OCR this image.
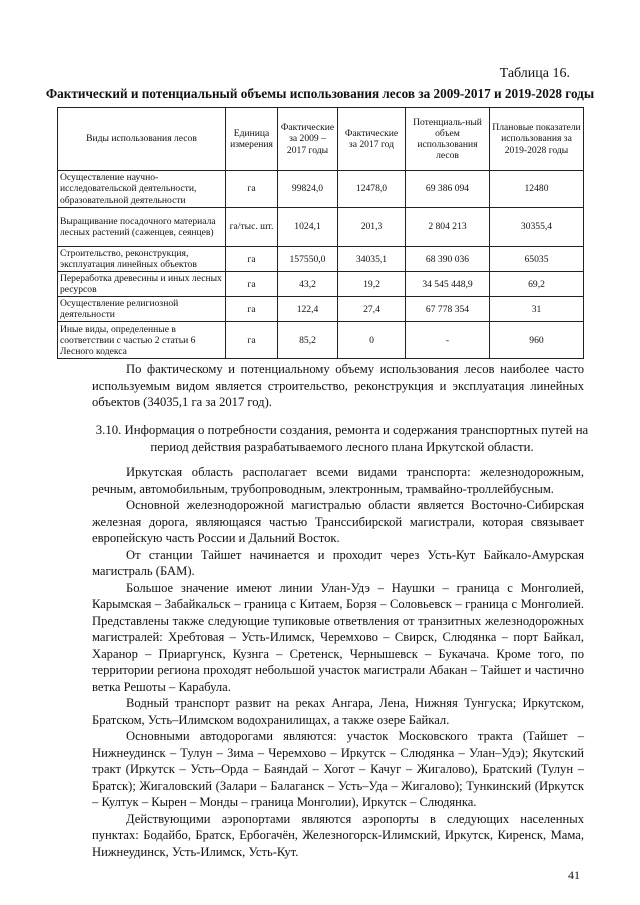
Таблица 16.
Фактический и потенциальный объемы использования лесов за 2009-2017 и 2019-2028 годы
Виды использования лесов	Единица измерения	Фактические за 2009 – 2017 годы	Фактические за 2017 год	Потенциаль-ный объем использования лесов	Плановые показатели использования за 2019-2028 годы
Осуществление научно-исследовательской деятельности, образовательной деятельности	га	99824,0	12478,0	69 386 094	12480
Выращивание посадочного материала лесных растений (саженцев, сеянцев)	га/тыс. шт.	1024,1	201,3	2 804 213	30355,4
Строительство, реконструкция, эксплуатация линейных объектов	га	157550,0	34035,1	68 390 036	65035
Переработка древесины и иных лесных ресурсов	га	43,2	19,2	34 545 448,9	69,2
Осуществление религиозной деятельности	га	122,4	27,4	67 778 354	31
Иные виды, определенные в соответствии с частью 2 статьи 6 Лесного кодекса	га	85,2	0	-	960

По фактическому и потенциальному объему использования лесов наиболее часто используемым видом является строительство, реконструкция и эксплуатация линейных объектов (34035,1 га за 2017 год).

3.10. Информация о потребности создания, ремонта и содержания транспортных путей на период действия разрабатываемого лесного плана Иркутской области.

Иркутская область располагает всеми видами транспорта: железнодорожным, речным, автомобильным, трубопроводным, электронным, трамвайно-троллейбусным.

Основной железнодорожной магистралью области является Восточно-Сибирская железная дорога, являющаяся частью Транссибирской магистрали, которая связывает европейскую часть России и Дальний Восток.

От станции Тайшет начинается и проходит через Усть-Кут Байкало-Амурская магистраль (БАМ).

Большое значение имеют линии Улан-Удэ – Наушки – граница с Монголией, Карымская – Забайкальск – граница с Китаем, Борзя – Соловьевск – граница с Монголией. Представлены также следующие тупиковые ответвления от транзитных железнодорожных магистралей: Хребтовая – Усть-Илимск, Черемхово – Свирск, Слюдянка – порт Байкал, Харанор – Приаргунск, Кузнга – Сретенск, Чернышевск – Букачача. Кроме того, по территории региона проходят небольшой участок магистрали Абакан – Тайшет и частично ветка Решоты – Карабула.

Водный транспорт развит на реках Ангара, Лена, Нижняя Тунгуска; Иркутском, Братском, Усть–Илимском водохранилищах, а также озере Байкал.

Основными автодорогами являются: участок Московского тракта (Тайшет – Нижнеудинск – Тулун – Зима – Черемхово – Иркутск – Слюдянка – Улан–Удэ); Якутский тракт (Иркутск – Усть–Орда – Баяндай – Хогот – Качуг – Жигалово), Братский (Тулун – Братск); Жигаловский (Залари – Балаганск – Усть–Уда – Жигалово); Тункинский (Иркутск – Култук – Кырен – Монды – граница Монголии), Иркутск – Слюдянка.

Действующими аэропортами являются аэропорты в следующих населенных пунктах: Бодайбо, Братск, Ербогачён, Железногорск-Илимский, Иркутск, Киренск, Мама, Нижнеудинск, Усть-Илимск, Усть-Кут.

41
